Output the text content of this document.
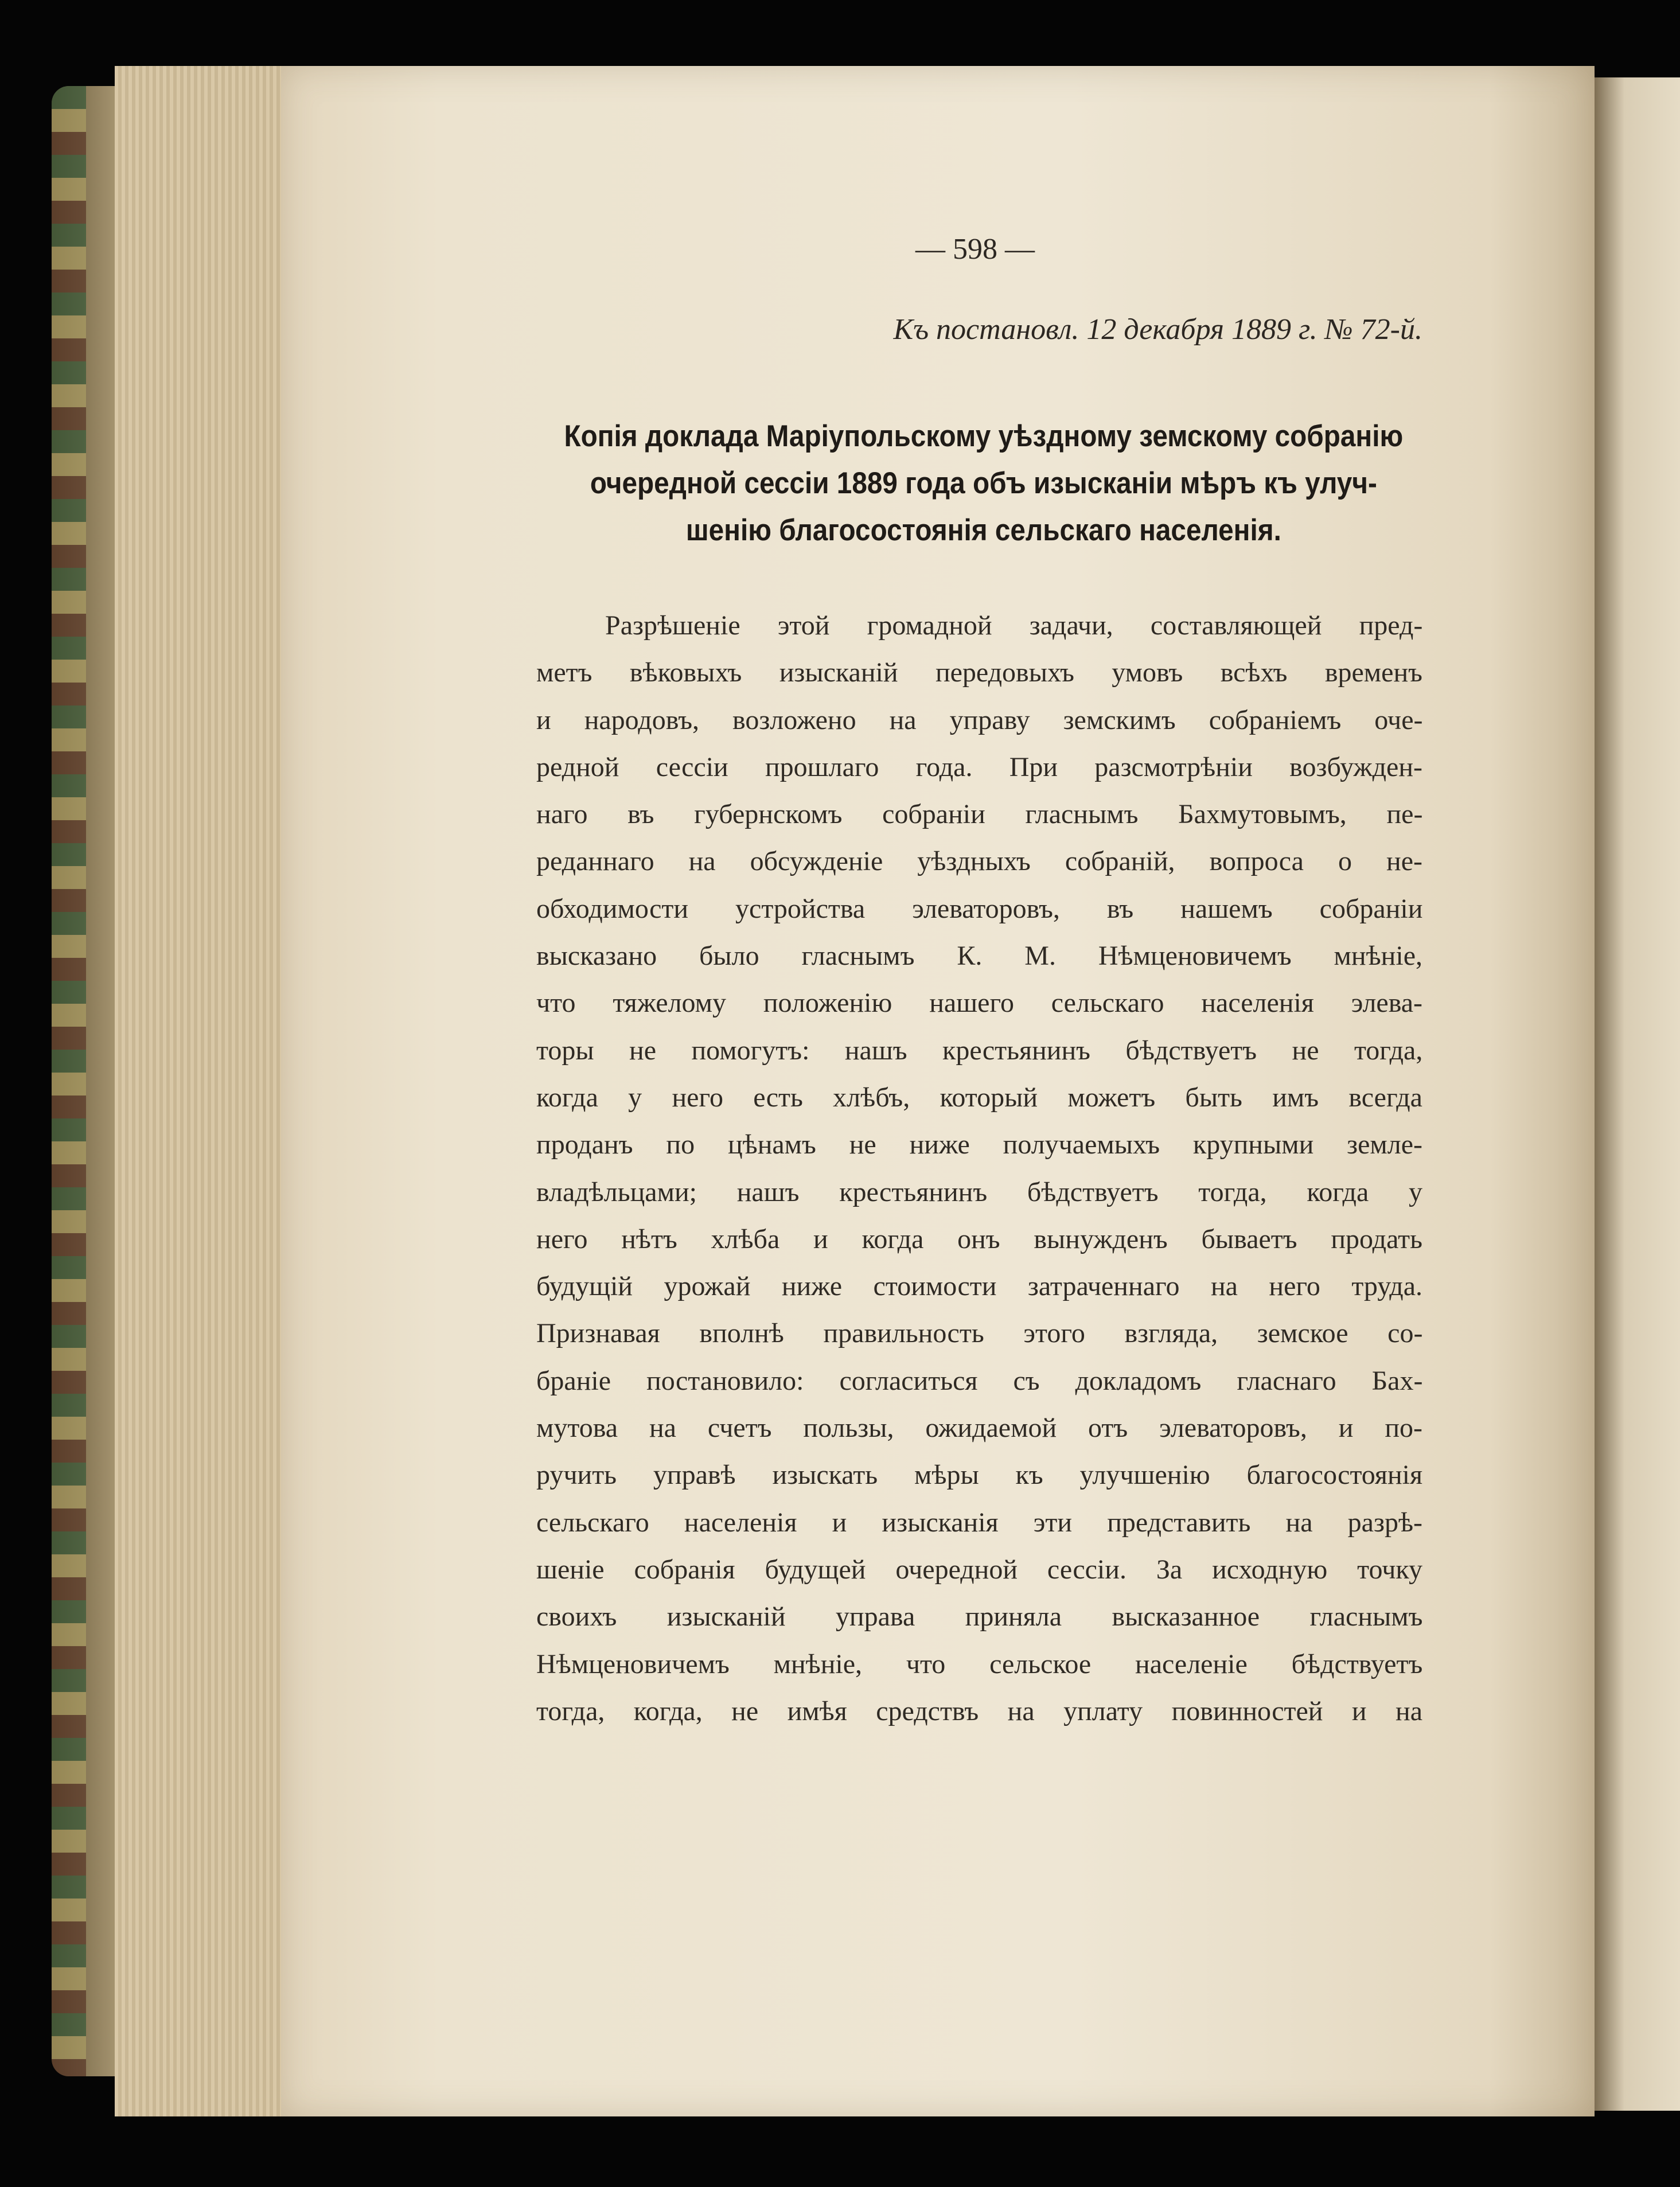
— 598 —
Къ постановл. 12 декабря 1889 г. № 72-й.
Копія доклада Маріупольскому уѣздному земскому собранію
очередной сессіи 1889 года объ изысканіи мѣръ къ улуч-
шенію благосостоянія сельскаго населенія.
Разрѣшеніе этой громадной задачи, составляющей пред-
метъ вѣковыхъ изысканій передовыхъ умовъ всѣхъ временъ
и народовъ, возложено на управу земскимъ собраніемъ оче-
редной сессіи прошлаго года. При разсмотрѣніи возбужден-
наго въ губернскомъ собраніи гласнымъ Бахмутовымъ, пе-
реданнаго на обсужденіе уѣздныхъ собраній, вопроса о не-
обходимости устройства элеваторовъ, въ нашемъ собраніи
высказано было гласнымъ К. М. Нѣмценовичемъ мнѣніе,
что тяжелому положенію нашего сельскаго населенія элева-
торы не помогутъ: нашъ крестьянинъ бѣдствуетъ не тогда,
когда у него есть хлѣбъ, который можетъ быть имъ всегда
проданъ по цѣнамъ не ниже получаемыхъ крупными земле-
владѣльцами; нашъ крестьянинъ бѣдствуетъ тогда, когда у
него нѣтъ хлѣба и когда онъ вынужденъ бываетъ продать
будущій урожай ниже стоимости затраченнаго на него труда.
Признавая вполнѣ правильность этого взгляда, земское со-
браніе постановило: согласиться съ докладомъ гласнаго Бах-
мутова на счетъ пользы, ожидаемой отъ элеваторовъ, и по-
ручить управѣ изыскать мѣры къ улучшенію благосостоянія
сельскаго населенія и изысканія эти представить на разрѣ-
шеніе собранія будущей очередной сессіи. За исходную точку
своихъ изысканій управа приняла высказанное гласнымъ
Нѣмценовичемъ мнѣніе, что сельское населеніе бѣдствуетъ
тогда, когда, не имѣя средствъ на уплату повинностей и на
